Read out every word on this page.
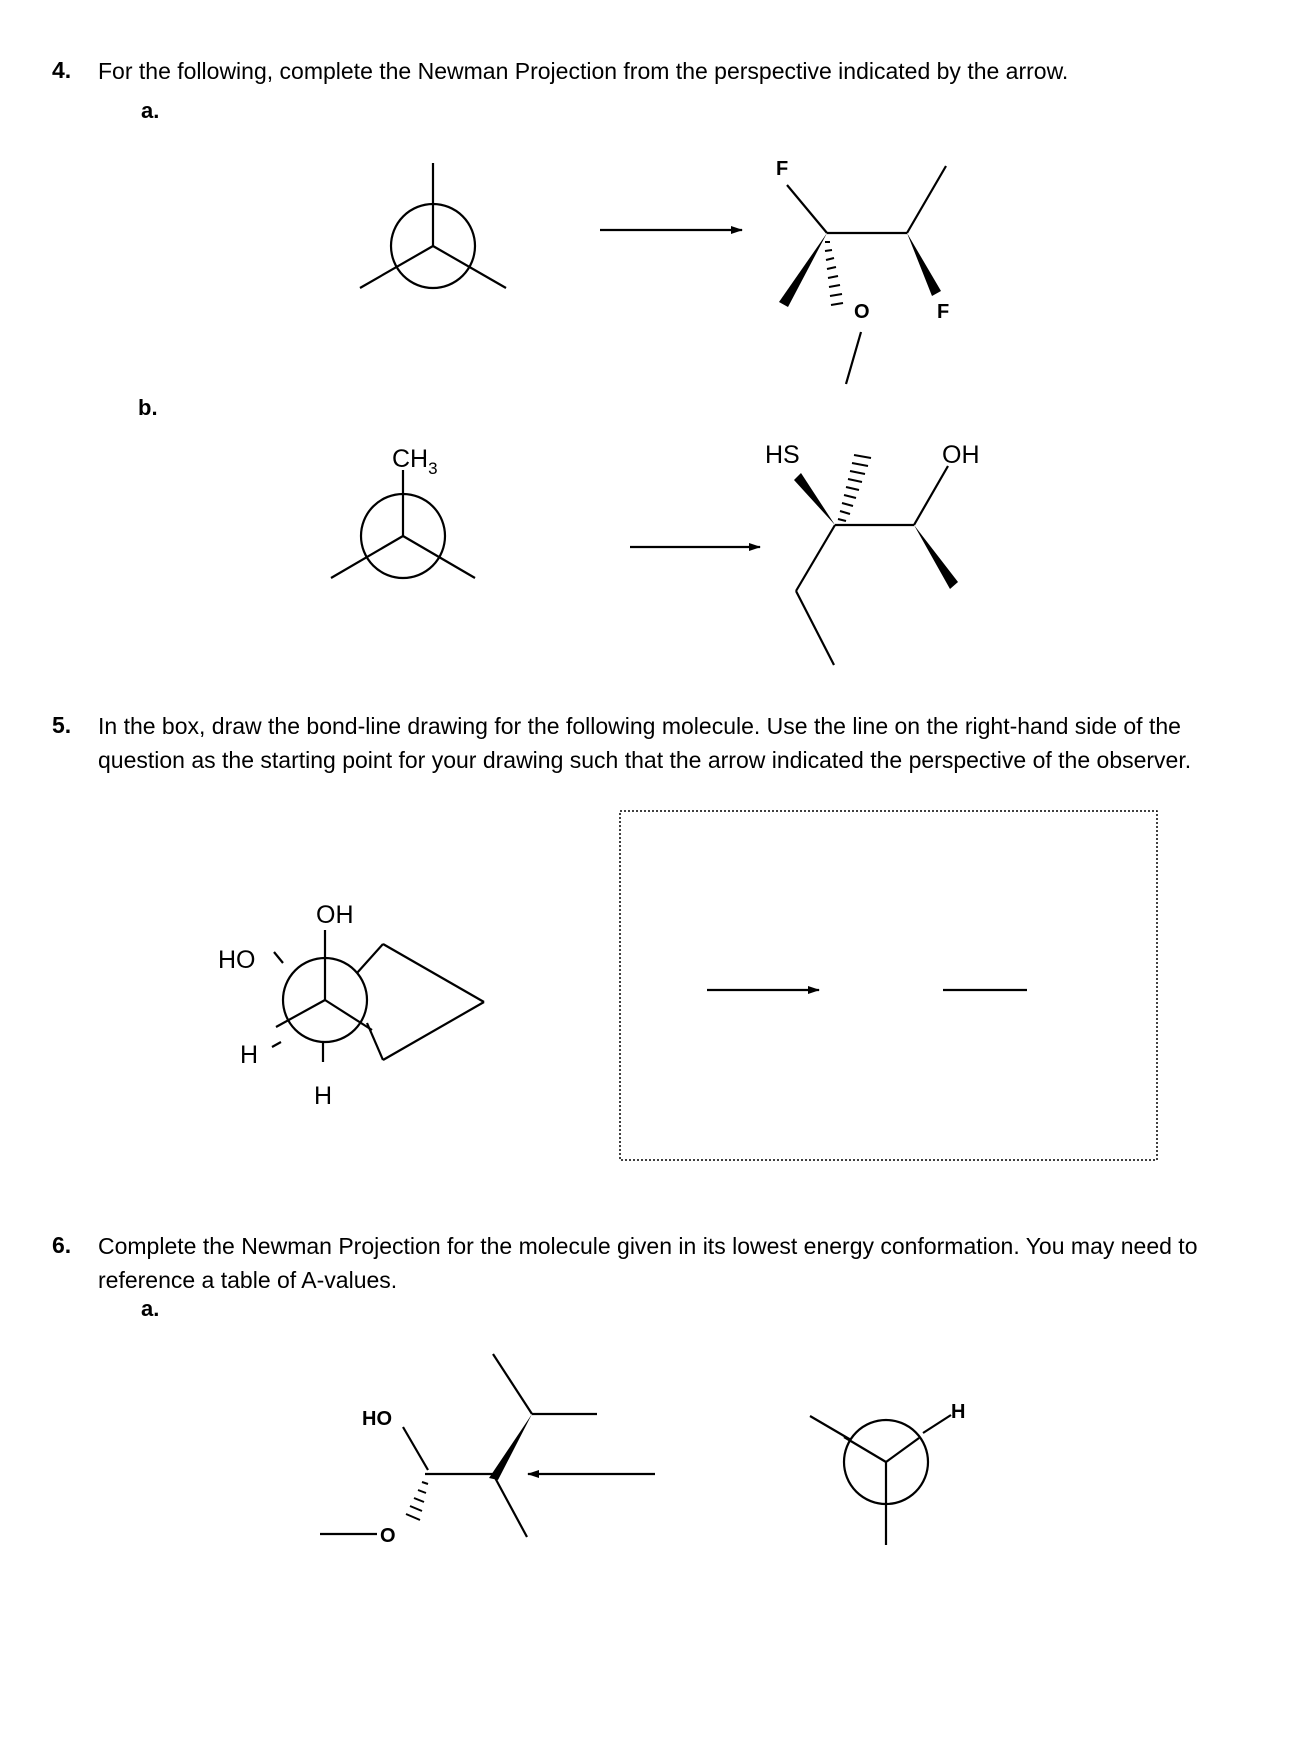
4. For the following, complete the Newman Projection from the perspective indicated by the arrow.
a.
b.
5. In the box, draw the bond-line drawing for the following molecule. Use the line on the right-hand side of the
question as the starting point for your drawing such that the arrow indicated the perspective of the observer.
6. Complete the Newman Projection for the molecule given in its lowest energy conformation. You may need to
reference a table of A-values.
a.
F
O	F
$CH_3$	HS	OH
OH
HO
H
H
HO
O
H
